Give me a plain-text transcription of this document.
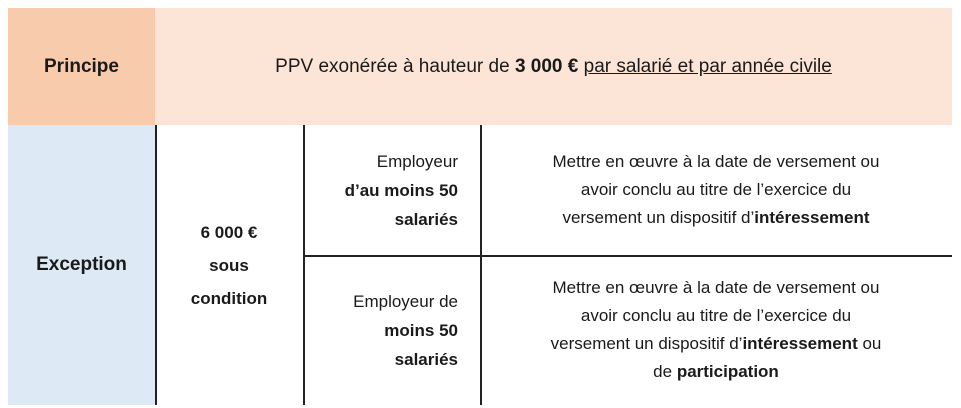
Principe	PPV exonérée à hauteur de 3 000 € par salarié et par année civile
Exception
6 000 €
sous
condition
Employeur
d’au moins 50
salariés
Employeur de
moins 50
salariés
Mettre en œuvre à la date de versement ou
avoir conclu au titre de l’exercice du
versement un dispositif d’intéressement
Mettre en œuvre à la date de versement ou
avoir conclu au titre de l’exercice du
versement un dispositif d’intéressement ou
de participation
